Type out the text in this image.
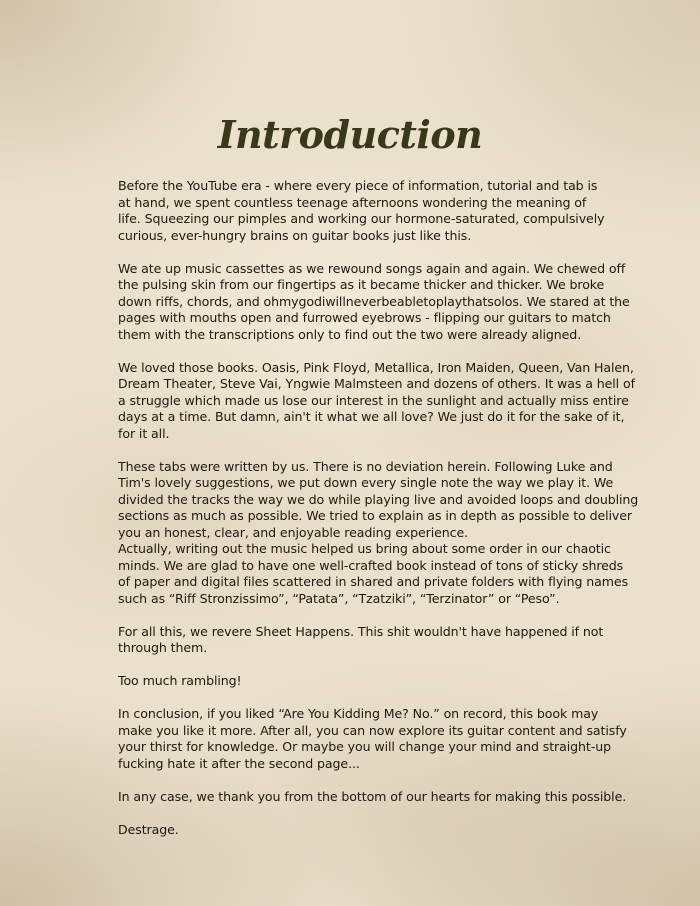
Introduction

Before the YouTube era - where every piece of information, tutorial and tab is
at hand, we spent countless teenage afternoons wondering the meaning of
life. Squeezing our pimples and working our hormone-saturated, compulsively
curious, ever-hungry brains on guitar books just like this.

We ate up music cassettes as we rewound songs again and again. We chewed off
the pulsing skin from our fingertips as it became thicker and thicker. We broke
down riffs, chords, and ohmygodiwillneverbeabletoplaythatsolos. We stared at the
pages with mouths open and furrowed eyebrows - flipping our guitars to match
them with the transcriptions only to find out the two were already aligned.

We loved those books. Oasis, Pink Floyd, Metallica, Iron Maiden, Queen, Van Halen,
Dream Theater, Steve Vai, Yngwie Malmsteen and dozens of others. It was a hell of
a struggle which made us lose our interest in the sunlight and actually miss entire
days at a time. But damn, ain't it what we all love? We just do it for the sake of it,
for it all.

These tabs were written by us. There is no deviation herein. Following Luke and
Tim's lovely suggestions, we put down every single note the way we play it. We
divided the tracks the way we do while playing live and avoided loops and doubling
sections as much as possible. We tried to explain as in depth as possible to deliver
you an honest, clear, and enjoyable reading experience.

Actually, writing out the music helped us bring about some order in our chaotic
minds. We are glad to have one well-crafted book instead of tons of sticky shreds
of paper and digital files scattered in shared and private folders with flying names
such as “Riff Stronzissimo”, “Patata”, “Tzatziki”, “Terzinator” or “Peso”.

For all this, we revere Sheet Happens. This shit wouldn't have happened if not
through them.

Too much rambling!

In conclusion, if you liked “Are You Kidding Me? No.” on record, this book may
make you like it more. After all, you can now explore its guitar content and satisfy
your thirst for knowledge. Or maybe you will change your mind and straight-up
fucking hate it after the second page...

In any case, we thank you from the bottom of our hearts for making this possible.

Destrage.
